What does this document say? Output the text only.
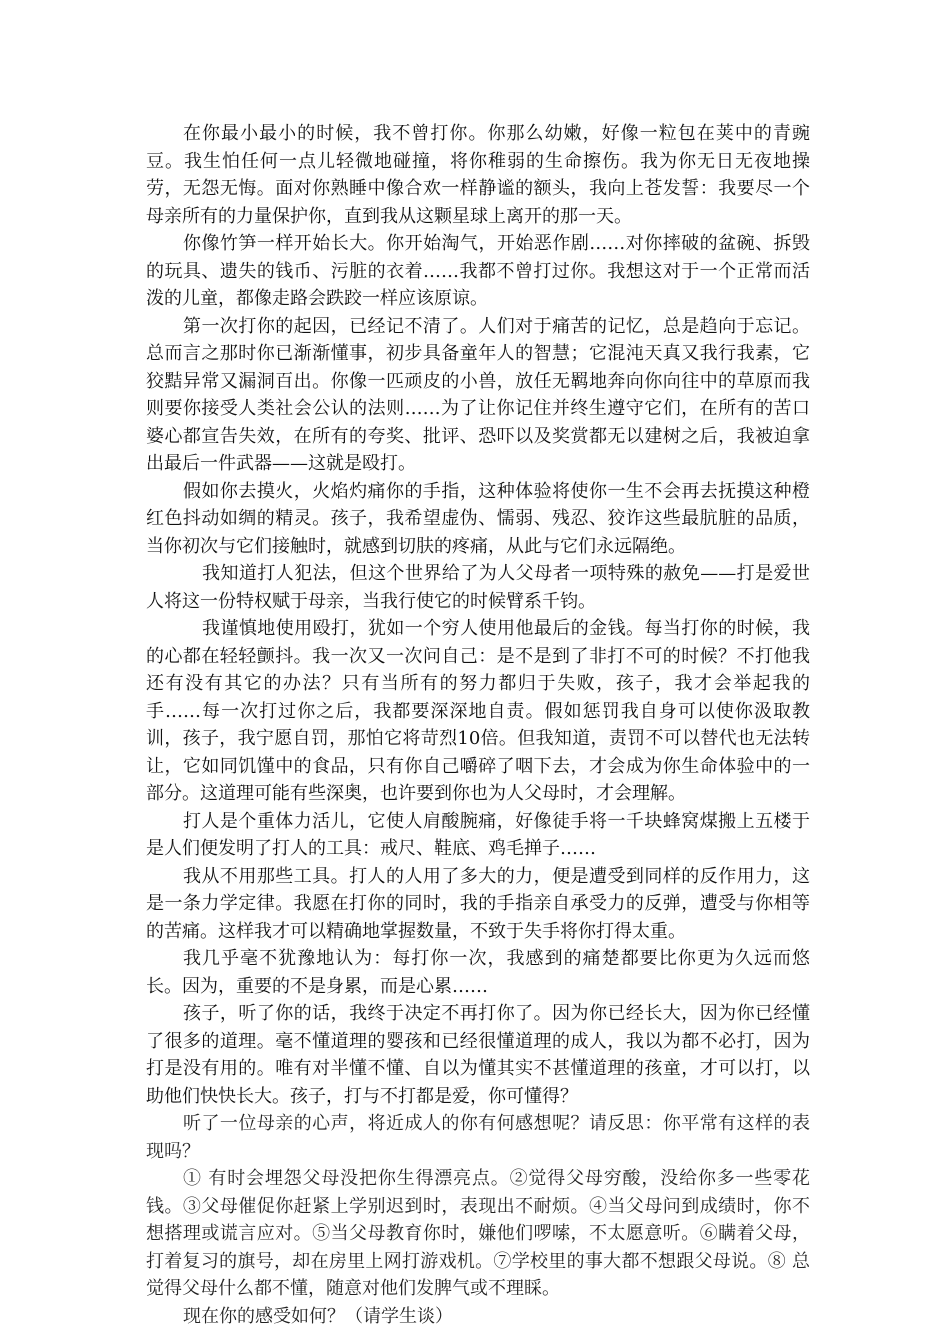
在你最小最小的时候，我不曾打你。你那么幼嫩，好像一粒包在荚中的青豌豆。我生怕任何一点儿轻微地碰撞，将你稚弱的生命擦伤。我为你无日无夜地操劳，无怨无悔。面对你熟睡中像合欢一样静谧的额头，我向上苍发誓：我要尽一个母亲所有的力量保护你，直到我从这颗星球上离开的那一天。

你像竹笋一样开始长大。你开始淘气，开始恶作剧……对你摔破的盆碗、拆毁的玩具、遗失的钱币、污脏的衣着……我都不曾打过你。我想这对于一个正常而活泼的儿童，都像走路会跌跤一样应该原谅。

第一次打你的起因，已经记不清了。人们对于痛苦的记忆，总是趋向于忘记。总而言之那时你已渐渐懂事，初步具备童年人的智慧；它混沌天真又我行我素，它狡黠异常又漏洞百出。你像一匹顽皮的小兽，放任无羁地奔向你向往中的草原而我则要你接受人类社会公认的法则……为了让你记住并终生遵守它们，在所有的苦口婆心都宣告失效，在所有的夸奖、批评、恐吓以及奖赏都无以建树之后，我被迫拿出最后一件武器——这就是殴打。

假如你去摸火，火焰灼痛你的手指，这种体验将使你一生不会再去抚摸这种橙红色抖动如绸的精灵。孩子，我希望虚伪、懦弱、残忍、狡诈这些最肮脏的品质，当你初次与它们接触时，就感到切肤的疼痛，从此与它们永远隔绝。

我知道打人犯法，但这个世界给了为人父母者一项特殊的赦免——打是爱世人将这一份特权赋于母亲，当我行使它的时候臂系千钧。

我谨慎地使用殴打，犹如一个穷人使用他最后的金钱。每当打你的时候，我的心都在轻轻颤抖。我一次又一次问自己：是不是到了非打不可的时候？不打他我还有没有其它的办法？只有当所有的努力都归于失败，孩子，我才会举起我的手……每一次打过你之后，我都要深深地自责。假如惩罚我自身可以使你汲取教训，孩子，我宁愿自罚，那怕它将苛烈10倍。但我知道，责罚不可以替代也无法转让，它如同饥馑中的食品，只有你自己嚼碎了咽下去，才会成为你生命体验中的一部分。这道理可能有些深奥，也许要到你也为人父母时，才会理解。

打人是个重体力活儿，它使人肩酸腕痛，好像徒手将一千块蜂窝煤搬上五楼于是人们便发明了打人的工具：戒尺、鞋底、鸡毛掸子……

我从不用那些工具。打人的人用了多大的力，便是遭受到同样的反作用力，这是一条力学定律。我愿在打你的同时，我的手指亲自承受力的反弹，遭受与你相等的苦痛。这样我才可以精确地掌握数量，不致于失手将你打得太重。

我几乎毫不犹豫地认为：每打你一次，我感到的痛楚都要比你更为久远而悠长。因为，重要的不是身累，而是心累……

孩子，听了你的话，我终于决定不再打你了。因为你已经长大，因为你已经懂了很多的道理。毫不懂道理的婴孩和已经很懂道理的成人，我以为都不必打，因为打是没有用的。唯有对半懂不懂、自以为懂其实不甚懂道理的孩童，才可以打，以助他们快快长大。孩子，打与不打都是爱，你可懂得？

听了一位母亲的心声，将近成人的你有何感想呢？请反思：你平常有这样的表现吗？

① 有时会埋怨父母没把你生得漂亮点。②觉得父母穷酸，没给你多一些零花钱。③父母催促你赶紧上学别迟到时，表现出不耐烦。④当父母问到成绩时，你不想搭理或谎言应对。⑤当父母教育你时，嫌他们啰嗦，不太愿意听。⑥瞒着父母，打着复习的旗号，却在房里上网打游戏机。⑦学校里的事大都不想跟父母说。⑧ 总觉得父母什么都不懂，随意对他们发脾气或不理睬。

现在你的感受如何？（请学生谈）
